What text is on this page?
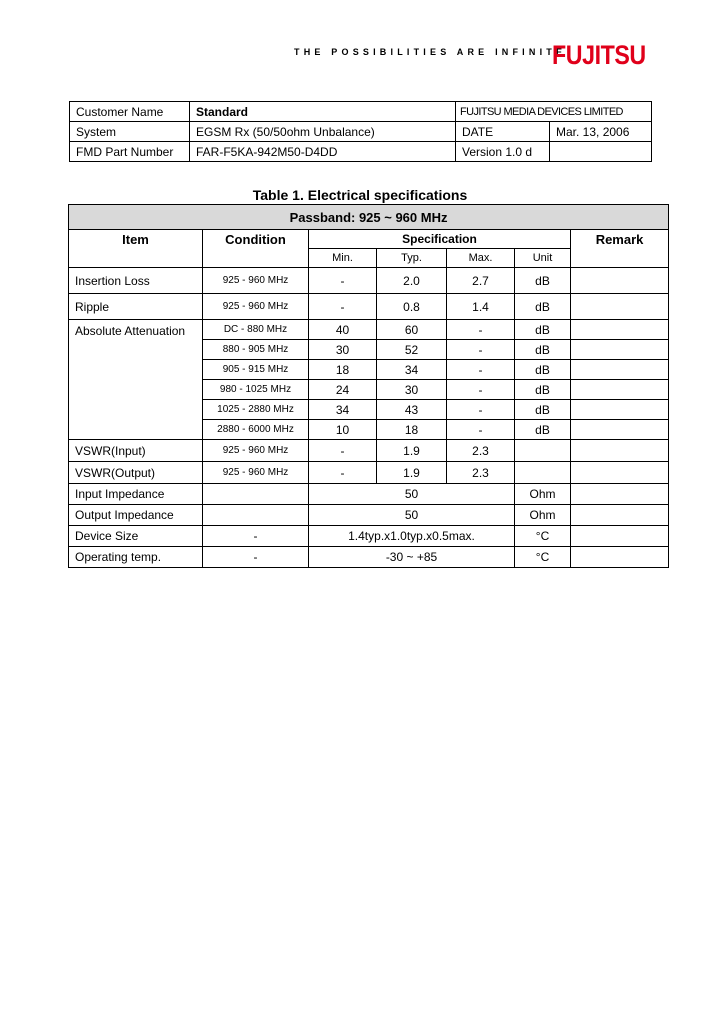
THE POSSIBILITIES ARE INFINITE
FUJITSU
Customer Name	Standard	FUJITSU MEDIA DEVICES LIMITED	
System	EGSM Rx (50/50ohm Unbalance)	DATE	Mar. 13, 2006
FMD Part Number	FAR-F5KA-942M50-D4DD	Version 1.0 d	
Table 1. Electrical specifications
Passband: 925 ~ 960 MHz						
Item	Condition	Specification				Remark
		Min.	Typ.	Max.	Unit	
Insertion Loss	925 - 960 MHz	-	2.0	2.7	dB	
Ripple	925 - 960 MHz	-	0.8	1.4	dB	
Absolute Attenuation	DC - 880 MHz	40	60	-	dB	
	880 - 905 MHz	30	52	-	dB	
	905 - 915 MHz	18	34	-	dB	
	980 - 1025 MHz	24	30	-	dB	
	1025 - 2880 MHz	34	43	-	dB	
	2880 - 6000 MHz	10	18	-	dB	
VSWR(Input)	925 - 960 MHz	-	1.9	2.3		
VSWR(Output)	925 - 960 MHz	-	1.9	2.3		
Input Impedance		50			Ohm	
Output Impedance		50			Ohm	
Device Size	-	1.4typ.x1.0typ.x0.5max.			°C	
Operating temp.	-	-30 ~ +85			°C	
